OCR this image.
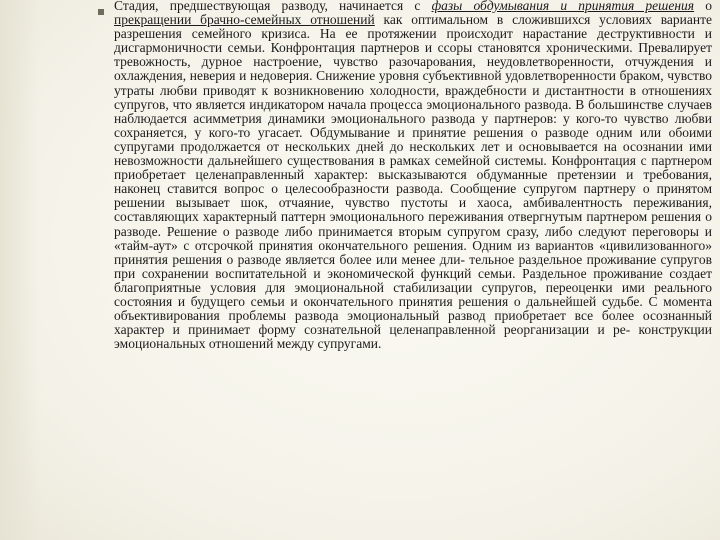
Стадия, предшествующая разводу, начинается с фазы обдумывания и принятия решения о прекращении брачно-семейных отношений как оптимальном в сложившихся условиях варианте разрешения семейного кризиса. На ее протяжении происходит нарастание деструктивности и дисгармоничности семьи. Конфронтация партнеров и ссоры становятся хроническими. Превалирует тревожность, дурное настроение, чувство разочарования, неудовлетворенности, отчуждения и охлаждения, неверия и недоверия. Снижение уровня субъективной удовлетворенности браком, чувство утраты любви приводят к возникновению холодности, враждебности и дистантности в отношениях супругов, что является индикатором начала процесса эмоционального развода. В большинстве случаев наблюдается асимметрия динамики эмоционального развода у партнеров: у кого-то чувство любви сохраняется, у кого-то угасает. Обдумывание и принятие решения о разводе одним или обоими супругами продолжается от нескольких дней до нескольких лет и основывается на осознании ими невозможности дальнейшего существования в рамках семейной системы. Конфронтация с партнером приобретает целенаправленный характер: высказываются обдуманные претензии и требования, наконец ставится вопрос о целесообразности развода. Сообщение супругом партнеру о принятом решении вызывает шок, отчаяние, чувство пустоты и хаоса, амбивалентность переживания, составляющих характерный паттерн эмоционального переживания отвергнутым партнером решения о разводе. Решение о разводе либо принимается вторым супругом сразу, либо следуют переговоры и «тайм-аут» с отсрочкой принятия окончательного решения. Одним из вариантов «цивилизованного» принятия решения о разводе является более или менее дли- тельное раздельное проживание супругов при сохранении воспитательной и экономической функций семьи. Раздельное проживание создает благоприятные условия для эмоциональной стабилизации супругов, переоценки ими реального состояния и будущего семьи и окончательного принятия решения о дальнейшей судьбе. С момента объективирования проблемы развода эмоциональный развод приобретает все более осознанный характер и принимает форму сознательной целенаправленной реорганизации и ре- конструкции эмоциональных отношений между супругами.
